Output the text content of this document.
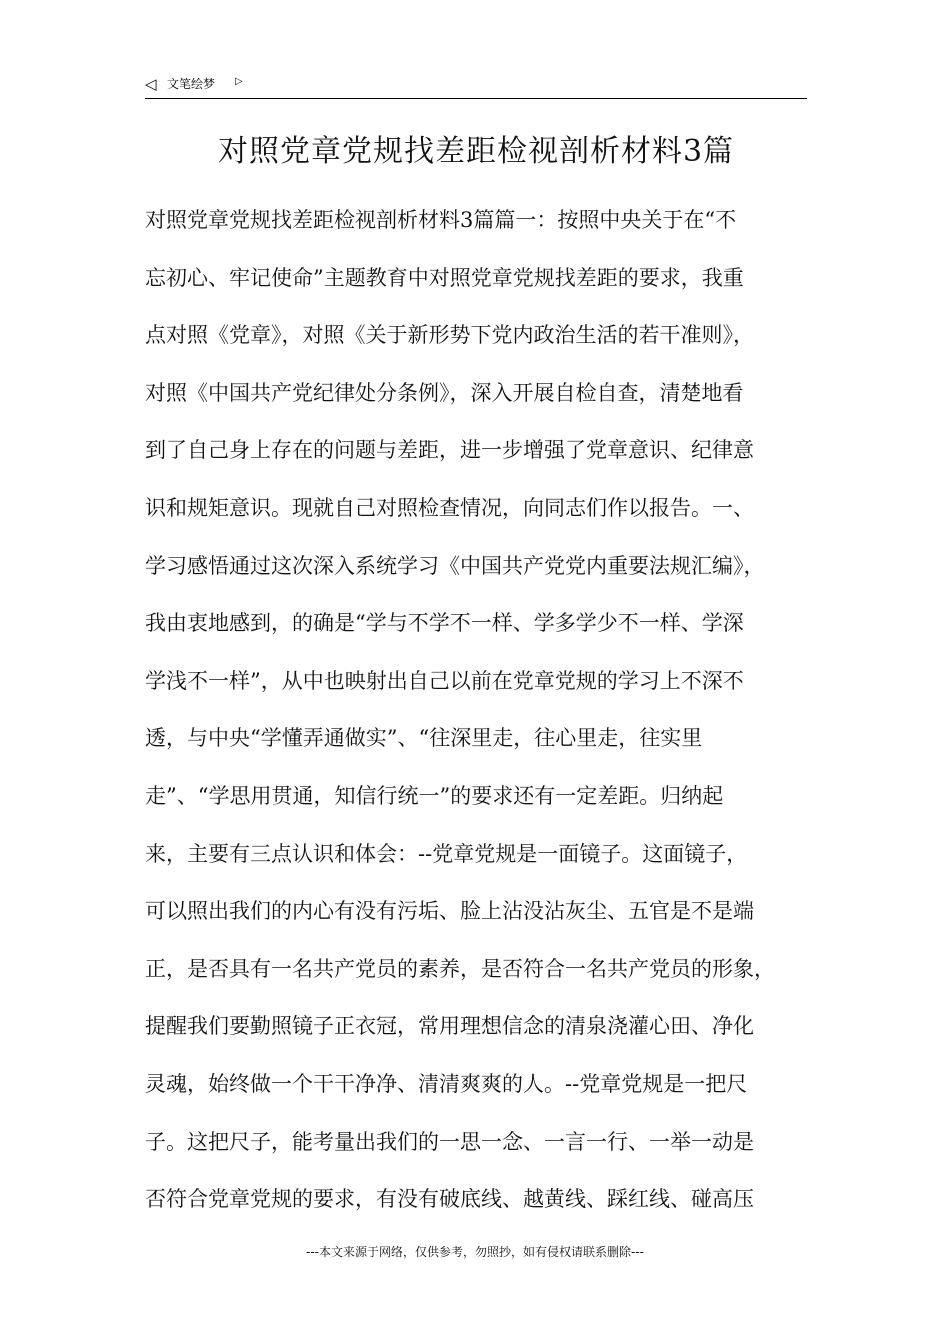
◁ 文笔绘梦 ▷
对照党章党规找差距检视剖析材料3篇
对照党章党规找差距检视剖析材料3篇篇一：按照中央关于在“不
忘初心、牢记使命”主题教育中对照党章党规找差距的要求，我重
点对照《党章》，对照《关于新形势下党内政治生活的若干准则》，
对照《中国共产党纪律处分条例》，深入开展自检自查，清楚地看
到了自己身上存在的问题与差距，进一步增强了党章意识、纪律意
识和规矩意识。现就自己对照检查情况，向同志们作以报告。一、
学习感悟通过这次深入系统学习《中国共产党党内重要法规汇编》，
我由衷地感到，的确是“学与不学不一样、学多学少不一样、学深
学浅不一样”，从中也映射出自己以前在党章党规的学习上不深不
透，与中央“学懂弄通做实”、“往深里走，往心里走，往实里
走”、“学思用贯通，知信行统一”的要求还有一定差距。归纳起
来，主要有三点认识和体会：--党章党规是一面镜子。这面镜子，
可以照出我们的内心有没有污垢、脸上沾没沾灰尘、五官是不是端
正，是否具有一名共产党员的素养，是否符合一名共产党员的形象，
提醒我们要勤照镜子正衣冠，常用理想信念的清泉浇灌心田、净化
灵魂，始终做一个干干净净、清清爽爽的人。--党章党规是一把尺
子。这把尺子，能考量出我们的一思一念、一言一行、一举一动是
否符合党章党规的要求，有没有破底线、越黄线、踩红线、碰高压
---本文来源于网络，仅供参考，勿照抄，如有侵权请联系删除---
